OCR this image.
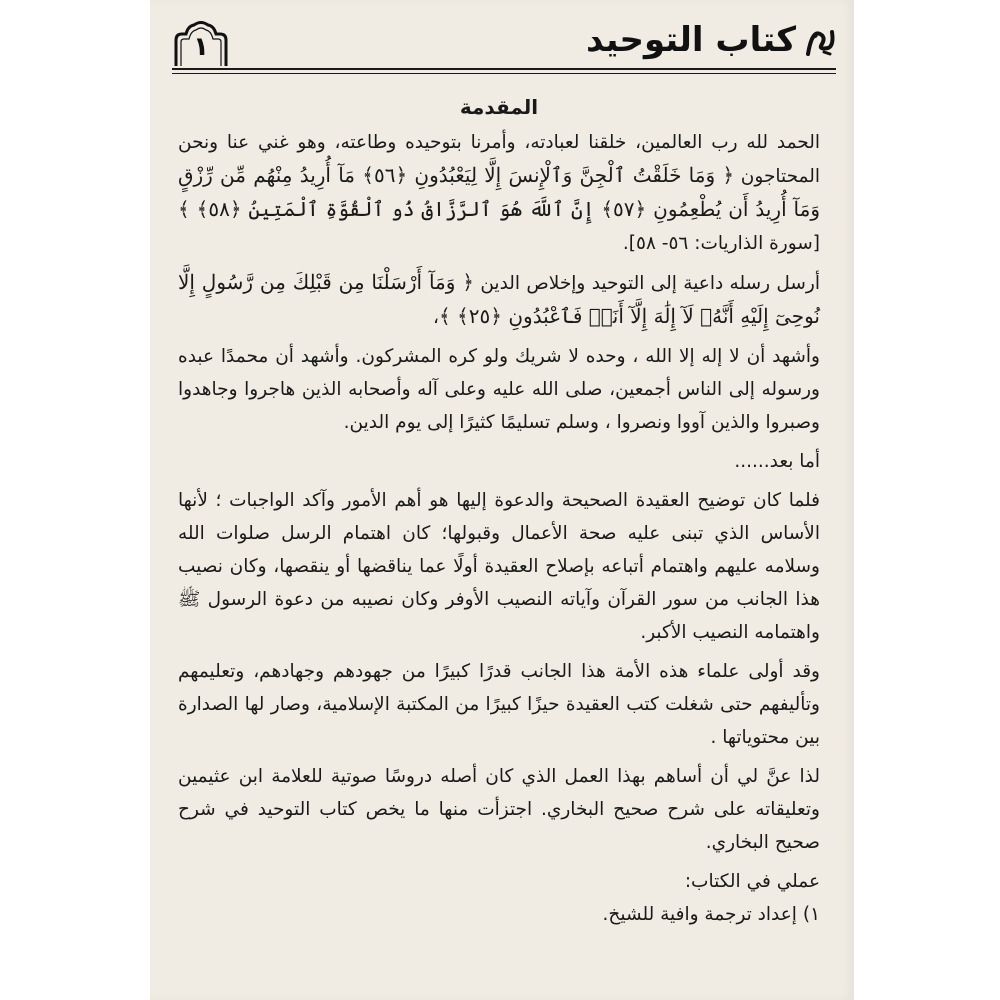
١	كتاب التوحيد
المقدمة

الحمد لله رب العالمين، خلقنا لعبادته، وأمرنا بتوحيده وطاعته، وهو غني عنا ونحن المحتاجون ﴿ وَمَا خَلَقْتُ ٱلْجِنَّ وَٱلْإِنسَ إِلَّا لِيَعْبُدُونِ ﴿٥٦﴾ مَآ أُرِيدُ مِنْهُم مِّن رِّزْقٍ وَمَآ أُرِيدُ أَن يُطْعِمُونِ ﴿٥٧﴾ إِنَّ ٱللَّهَ هُوَ ٱلرَّزَّاقُ ذُو ٱلْقُوَّةِ ٱلْمَتِينُ ﴿٥٨﴾ ﴾ [سورة الذاريات: ٥٦- ٥٨].

أرسل رسله داعية إلى التوحيد وإخلاص الدين ﴿ وَمَآ أَرْسَلْنَا مِن قَبْلِكَ مِن رَّسُولٍ إِلَّا نُوحِىٓ إِلَيْهِ أَنَّهُۥ لَآ إِلَٰهَ إِلَّآ أَنَا۠ فَٱعْبُدُونِ ﴿٢٥﴾ ﴾،

وأشهد أن لا إله إلا الله ، وحده لا شريك ولو كره المشركون. وأشهد أن محمدًا عبده ورسوله إلى الناس أجمعين، صلى الله عليه وعلى آله وأصحابه الذين هاجروا وجاهدوا وصبروا والذين آووا ونصروا ، وسلم تسليمًا كثيرًا إلى يوم الدين.

أما بعد......

فلما كان توضيح العقيدة الصحيحة والدعوة إليها هو أهم الأمور وآكد الواجبات ؛ لأنها الأساس الذي تبنى عليه صحة الأعمال وقبولها؛ كان اهتمام الرسل صلوات الله وسلامه عليهم واهتمام أتباعه بإصلاح العقيدة أولًا عما يناقضها أو ينقصها، وكان نصيب هذا الجانب من سور القرآن وآياته النصيب الأوفر وكان نصيبه من دعوة الرسول ﷺ واهتمامه النصيب الأكبر.

وقد أولى علماء هذه الأمة هذا الجانب قدرًا كبيرًا من جهودهم وجهادهم، وتعليمهم وتأليفهم حتى شغلت كتب العقيدة حيزًا كبيرًا من المكتبة الإسلامية، وصار لها الصدارة بين محتوياتها .

لذا عنَّ لي أن أساهم بهذا العمل الذي كان أصله دروسًا صوتية للعلامة ابن عثيمين وتعليقاته على شرح صحيح البخاري. اجتزأت منها ما يخص كتاب التوحيد في شرح صحيح البخاري.

عملي في الكتاب:

١) إعداد ترجمة وافية للشيخ.
